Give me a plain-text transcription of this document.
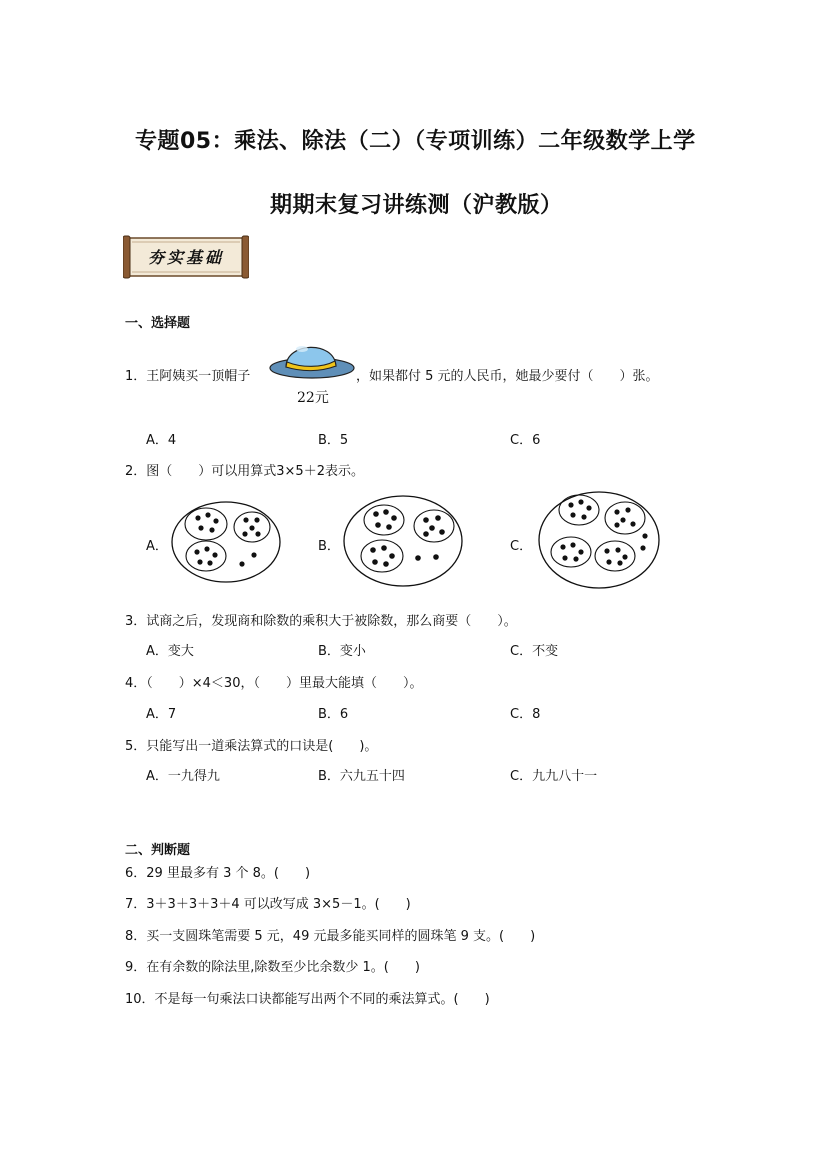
专题05：乘法、除法（二）（专项训练）二年级数学上学
期期末复习讲练测（沪教版）
夯实基础
一、选择题
1．王阿姨买一顶帽子
22元
，如果都付 5 元的人民币，她最少要付（　　）张。
A．4	B．5	C．6
2．图（　　）可以用算式3×5＋2表示。
A．	B．	C．
3．试商之后，发现商和除数的乘积大于被除数，那么商要（　　）。
A．变大	B．变小	C．不变
4．（　　）×4＜30，（　　）里最大能填（　　）。
A．7	B．6	C．8
5．只能写出一道乘法算式的口诀是(　　)。
A．一九得九	B．六九五十四	C．九九八十一
二、判断题
6．29 里最多有 3 个 8。(　　)
7．3＋3＋3＋3＋4 可以改写成 3×5－1。(　　)
8．买一支圆珠笔需要 5 元，49 元最多能买同样的圆珠笔 9 支。(　　)
9．在有余数的除法里,除数至少比余数少 1。(　　)
10．不是每一句乘法口诀都能写出两个不同的乘法算式。(　　)
